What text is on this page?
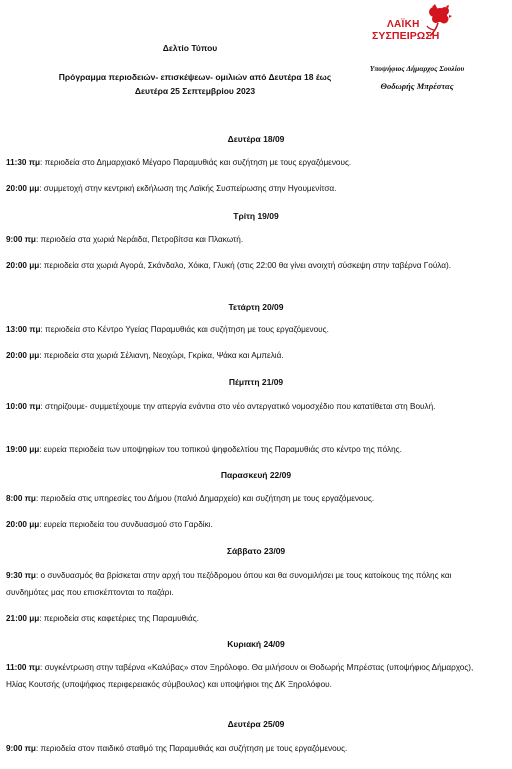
ΛΑΪΚΗ
ΣΥΣΠΕΙΡΩΣΗ
Υποψήφιος Δήμαρχος Σουλίου
Θοδωρής Μπρέστας
Δελτίο Τύπου
Πρόγραμμα περιοδειών- επισκέψεων- ομιλιών από Δευτέρα 18 έως
Δευτέρα 25 Σεπτεμβρίου 2023
Δευτέρα 18/09
11:30 πμ: περιοδεία στο Δημαρχιακό Μέγαρο Παραμυθιάς και συζήτηση με τους εργαζόμενους.
20:00 μμ: συμμετοχή στην κεντρική εκδήλωση της Λαϊκής Συσπείρωσης στην Ηγουμενίτσα.
Τρίτη 19/09
9:00 πμ: περιοδεία στα χωριά Νεράιδα, Πετροβίτσα και Πλακωτή.
20:00 μμ: περιοδεία στα χωριά Αγορά, Σκάνδαλο, Χόικα, Γλυκή (στις 22:00 θα γίνει ανοιχτή σύσκεψη στην ταβέρνα Γούλα).
Τετάρτη 20/09
13:00 πμ: περιοδεία στο Κέντρο Υγείας Παραμυθιάς και συζήτηση με τους εργαζόμενους.
20:00 μμ: περιοδεία στα χωριά Σέλιανη, Νεοχώρι, Γκρίκα, Ψάκα και Αμπελιά.
Πέμπτη 21/09
10:00 πμ: στηρίζουμε- συμμετέχουμε την απεργία ενάντια στο νέο αντεργατικό νομοσχέδιο που κατατίθεται στη Βουλή.
19:00 μμ: ευρεία περιοδεία των υποψηφίων του τοπικού ψηφοδελτίου της Παραμυθιάς στο κέντρο της πόλης.
Παρασκευή 22/09
8:00 πμ: περιοδεία στις υπηρεσίες του Δήμου (παλιό Δημαρχείο) και συζήτηση με τους εργαζόμενους.
20:00 μμ: ευρεία περιοδεία του συνδυασμού στο Γαρδίκι.
Σάββατο 23/09
9:30 πμ: ο συνδυασμός θα βρίσκεται στην αρχή του πεζόδρομου όπου και θα συνομιλήσει με τους κατοίκους της πόλης και συνδημότες μας που επισκέπτονται το παζάρι.
21:00 μμ: περιοδεία στις καφετέριες της Παραμυθιάς.
Κυριακή 24/09
11:00 πμ: συγκέντρωση στην ταβέρνα «Καλύβας» στον Ξηρόλοφο. Θα μιλήσουν οι Θοδωρής Μπρέστας (υποψήφιος Δήμαρχος), Ηλίας Κουτσής (υποψήφιος περιφερειακός σύμβουλος) και υποψήφιοι της ΔΚ Ξηρολόφου.
Δευτέρα 25/09
9:00 πμ: περιοδεία στον παιδικό σταθμό της Παραμυθιάς και συζήτηση με τους εργαζόμενους.
